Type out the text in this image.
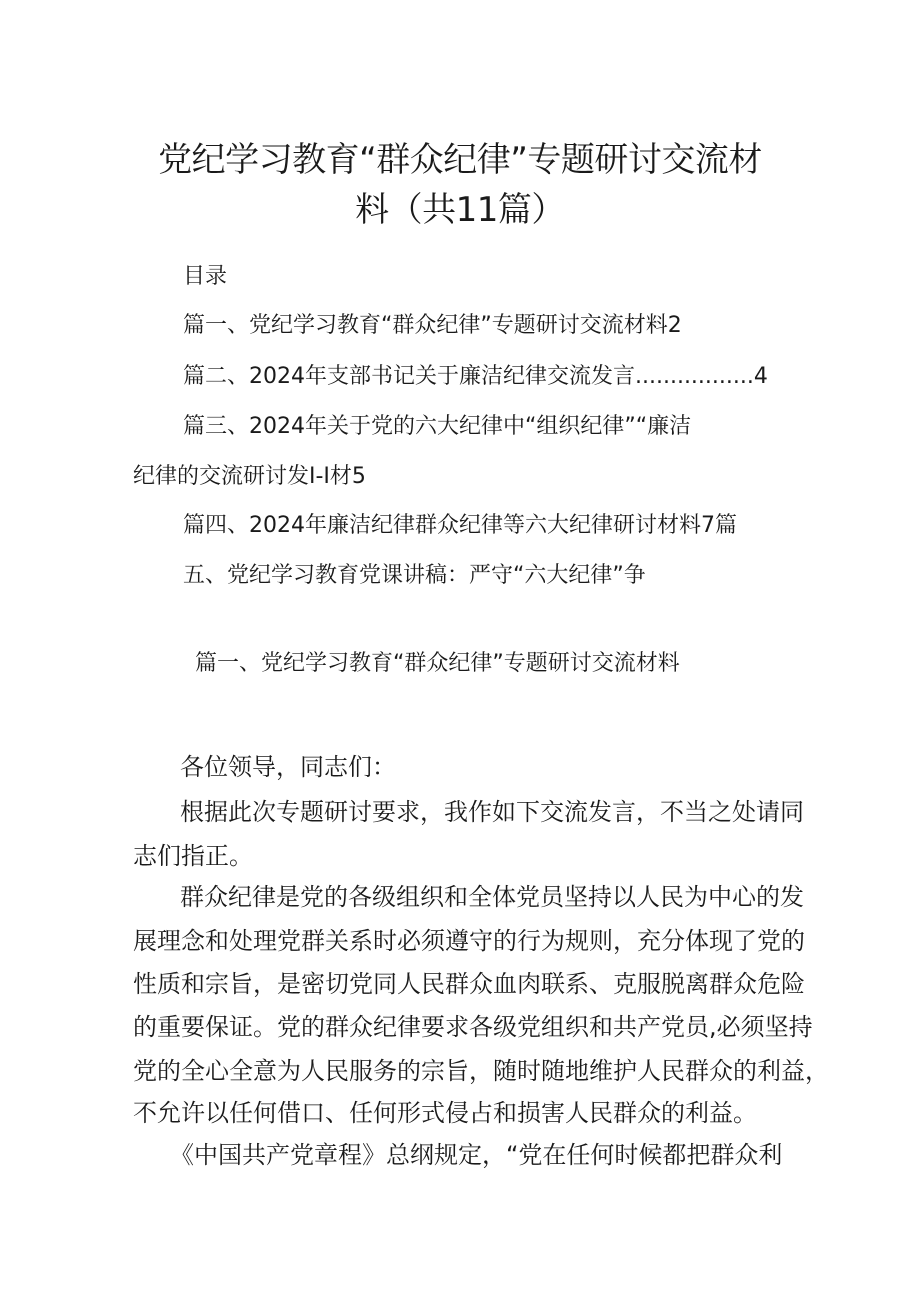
党纪学习教育“群众纪律”专题研讨交流材
料（共11篇）
目录
篇一、党纪学习教育“群众纪律”专题研讨交流材料2
篇二、2024年支部书记关于廉洁纪律交流发言.................4
篇三、2024年关于党的六大纪律中“组织纪律”“廉洁
纪律的交流研讨发I-I材5
篇四、2024年廉洁纪律群众纪律等六大纪律研讨材料7篇
五、党纪学习教育党课讲稿：严守“六大纪律”争
篇一、党纪学习教育“群众纪律”专题研讨交流材料
各位领导，同志们：
根据此次专题研讨要求，我作如下交流发言，不当之处请同
志们指正。
群众纪律是党的各级组织和全体党员坚持以人民为中心的发
展理念和处理党群关系时必须遵守的行为规则，充分体现了党的
性质和宗旨，是密切党同人民群众血肉联系、克服脱离群众危险
的重要保证。党的群众纪律要求各级党组织和共产党员,必须坚持
党的全心全意为人民服务的宗旨，随时随地维护人民群众的利益，
不允许以任何借口、任何形式侵占和损害人民群众的利益。
《中国共产党章程》总纲规定，“党在任何时候都把群众利
